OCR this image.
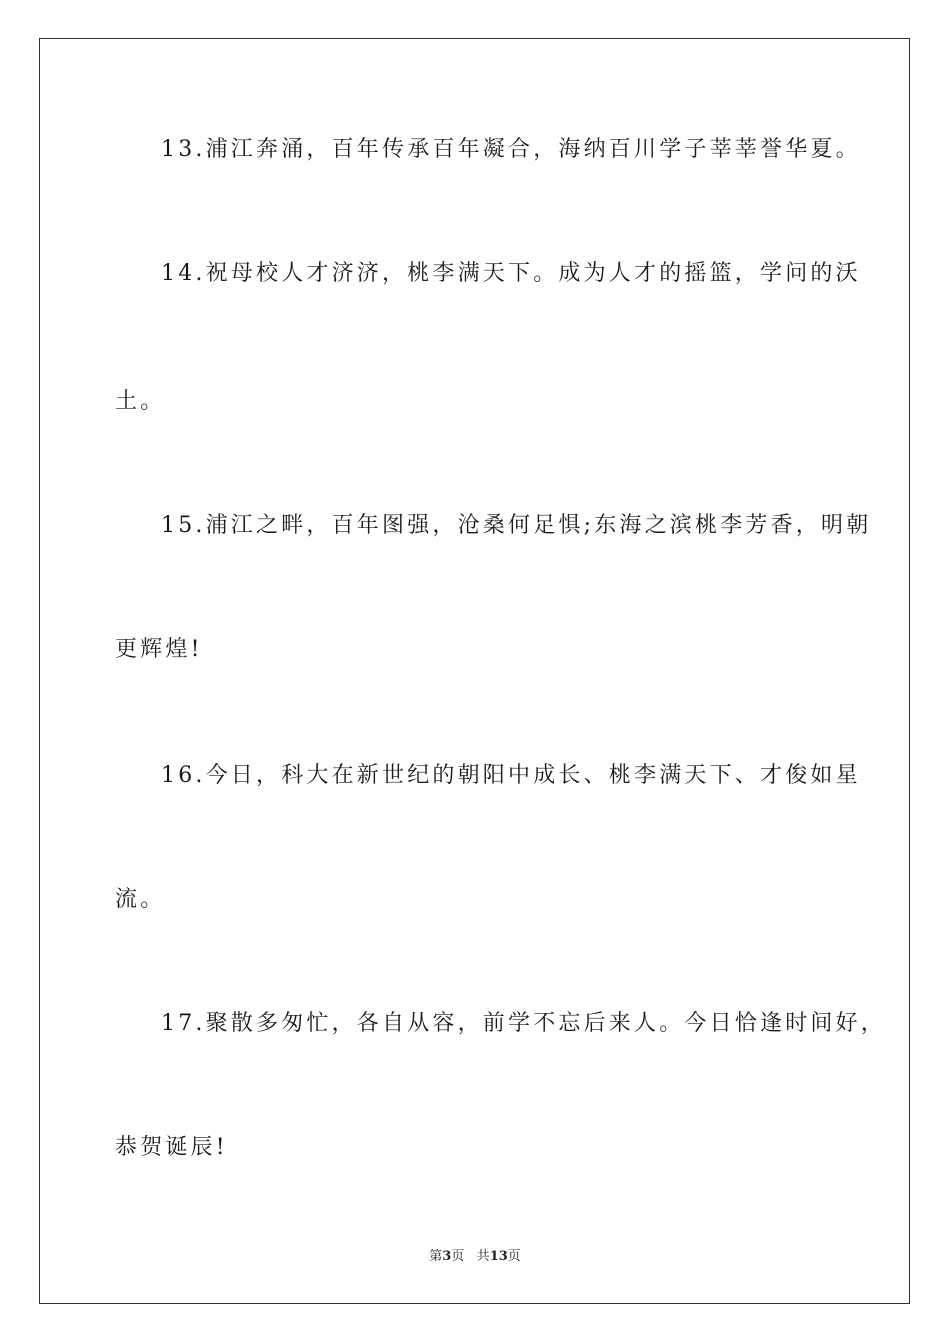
13.浦江奔涌，百年传承百年凝合，海纳百川学子莘莘誉华夏。
14.祝母校人才济济，桃李满天下。成为人才的摇篮，学问的沃
土。
15.浦江之畔，百年图强，沧桑何足惧;东海之滨桃李芳香，明朝
更辉煌!
16.今日，科大在新世纪的朝阳中成长、桃李满天下、才俊如星
流。
17.聚散多匆忙，各自从容，前学不忘后来人。今日恰逢时间好，
恭贺诞辰!
第3页 共13页
